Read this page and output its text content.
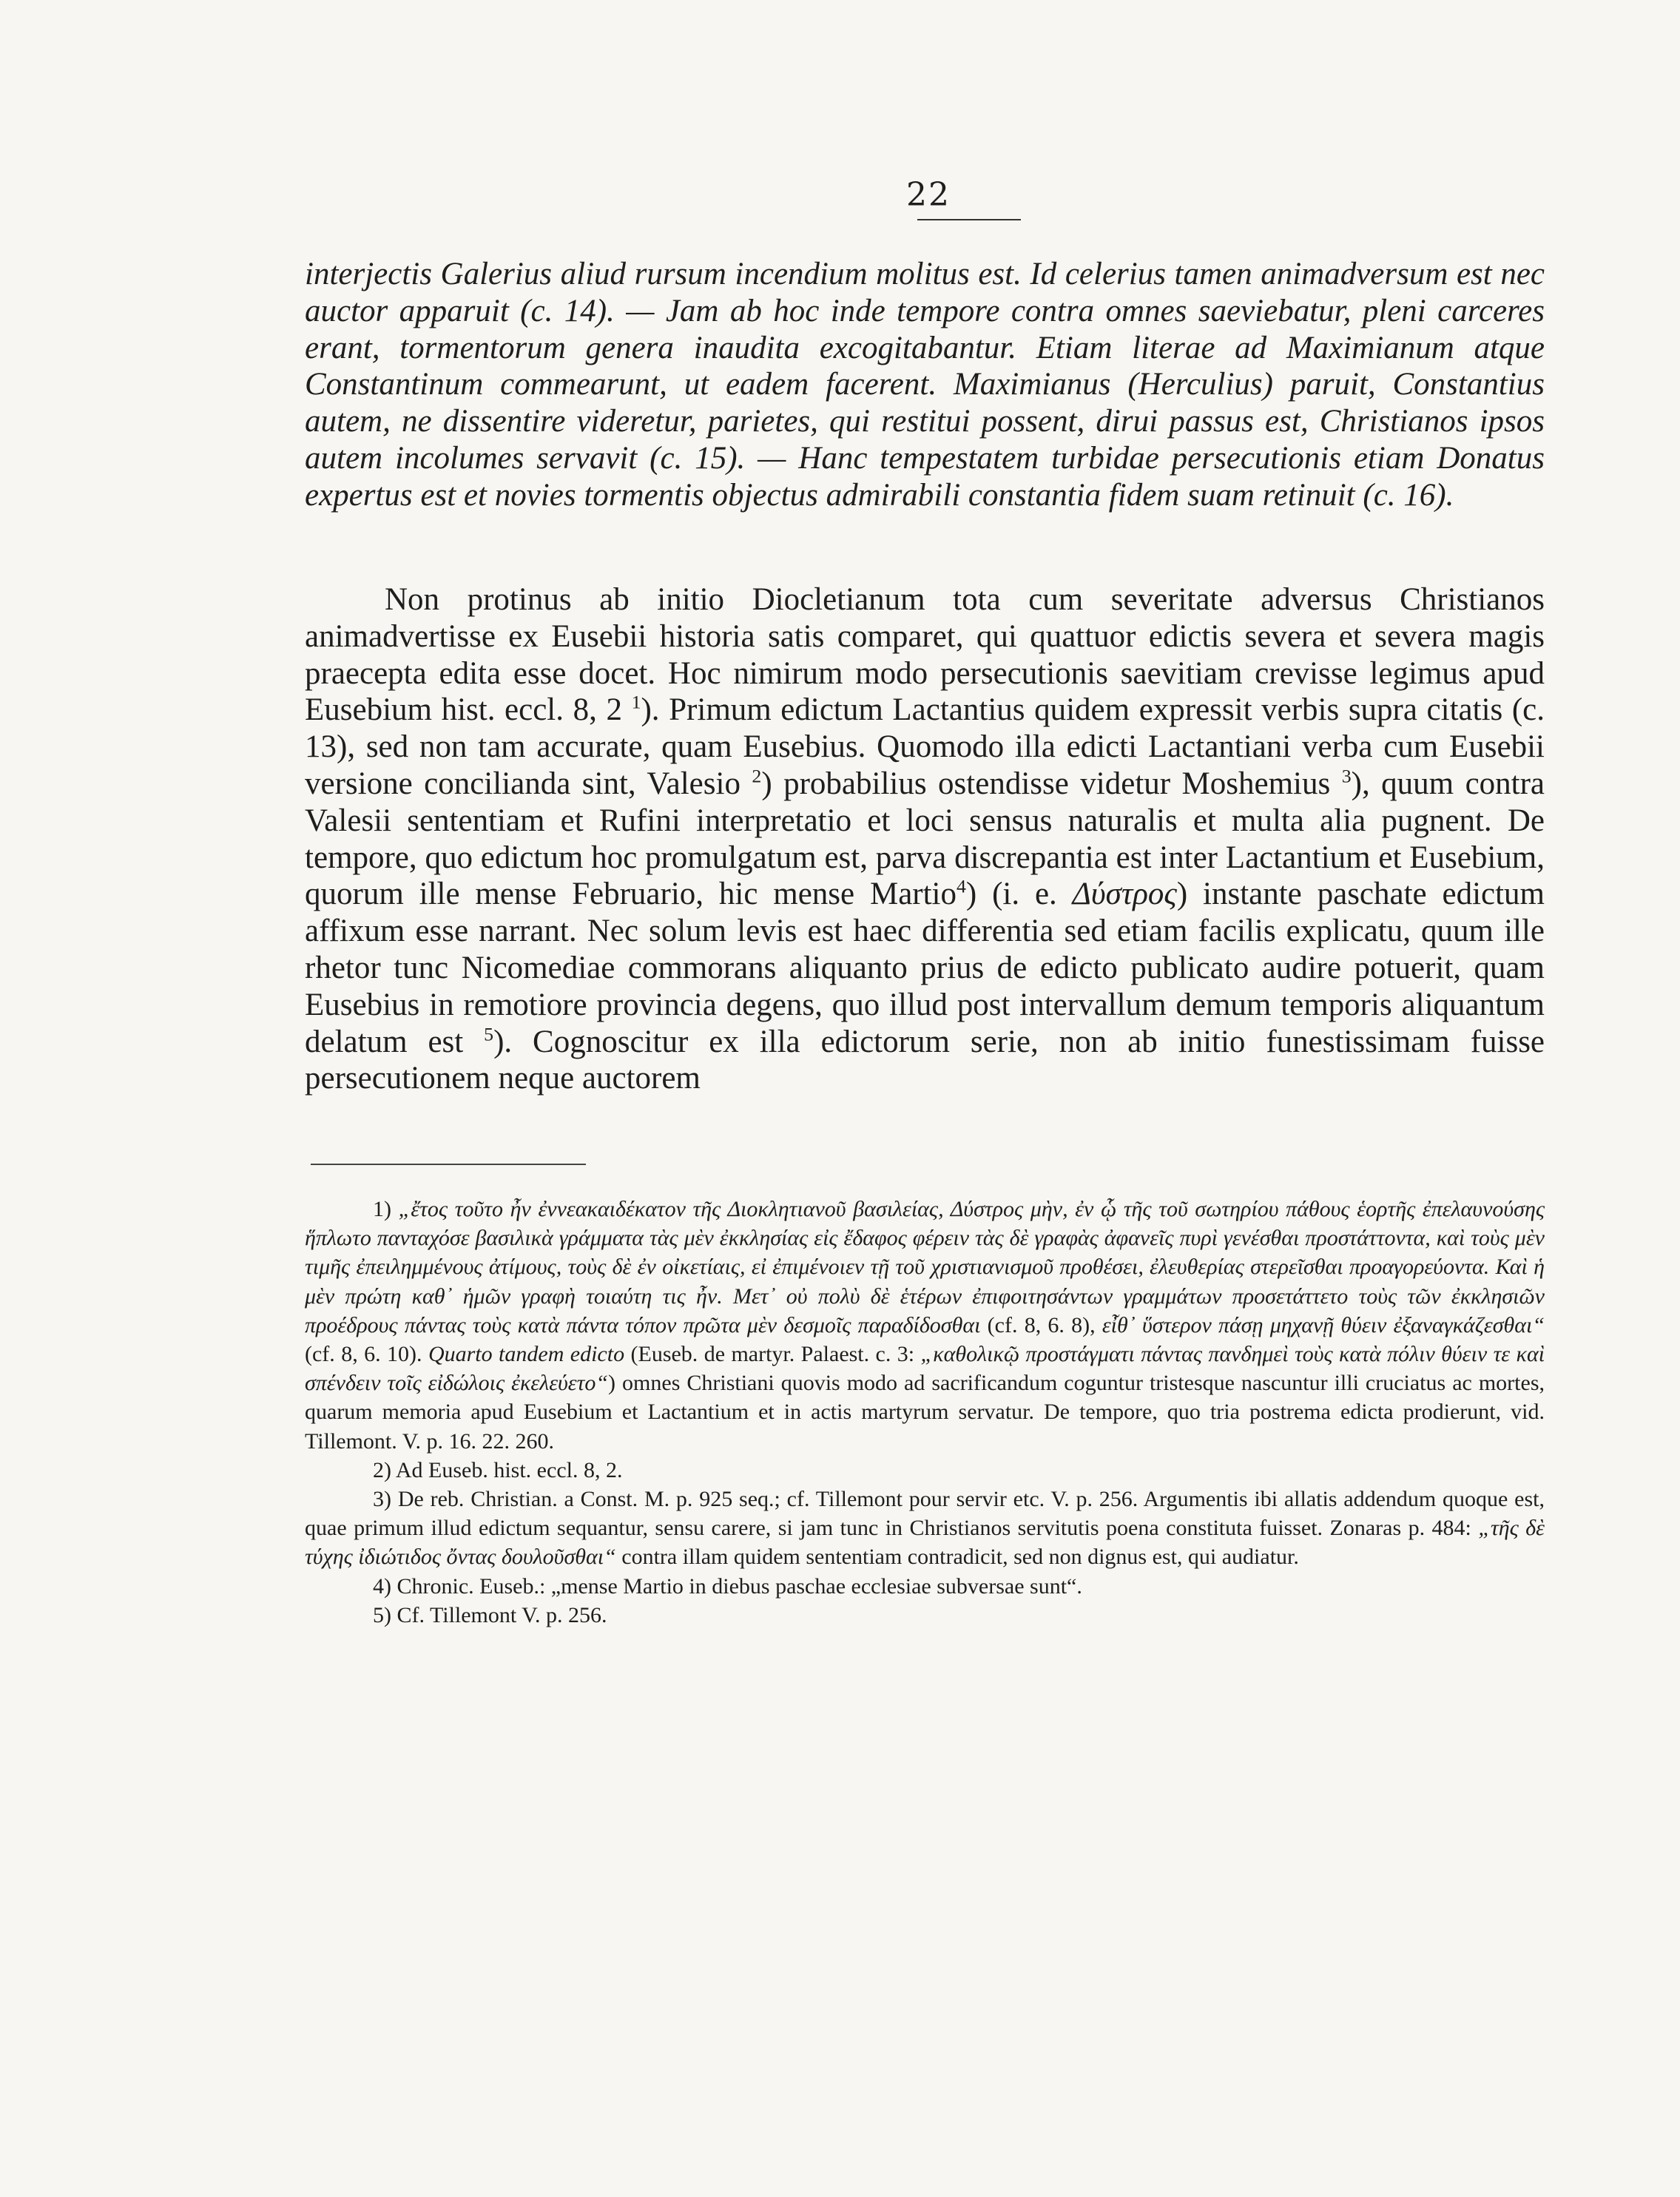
22

interjectis Galerius aliud rursum incendium molitus est. Id celerius tamen animadversum est nec auctor apparuit (c. 14). — Jam ab hoc inde tempore contra omnes saeviebatur, pleni carceres erant, tormentorum genera inaudita excogitabantur. Etiam literae ad Maximianum atque Constantinum commearunt, ut eadem facerent. Maximianus (Herculius) paruit, Constantius autem, ne dissentire videretur, parietes, qui restitui possent, dirui passus est, Christianos ipsos autem incolumes servavit (c. 15). — Hanc tempestatem turbidae persecutionis etiam Donatus expertus est et novies tormentis objectus admirabili constantia fidem suam retinuit (c. 16).

Non protinus ab initio Diocletianum tota cum severitate adversus Christianos animadvertisse ex Eusebii historia satis comparet, qui quattuor edictis severa et severa magis praecepta edita esse docet. Hoc nimirum modo persecutionis saevitiam crevisse legimus apud Eusebium hist. eccl. 8, 2 $^1$). Primum edictum Lactantius quidem expressit verbis supra citatis (c. 13), sed non tam accurate, quam Eusebius. Quomodo illa edicti Lactantiani verba cum Eusebii versione concilianda sint, Valesio $^2$) probabilius ostendisse videtur Moshemius $^3$), quum contra Valesii sententiam et Rufini interpretatio et loci sensus naturalis et multa alia pugnent. De tempore, quo edictum hoc promulgatum est, parva discrepantia est inter Lactantium et Eusebium, quorum ille mense Februario, hic mense Martio$^4$) (i. e. Δύστρος) instante paschate edictum affixum esse narrant. Nec solum levis est haec differentia sed etiam facilis explicatu, quum ille rhetor tunc Nicomediae commorans aliquanto prius de edicto publicato audire potuerit, quam Eusebius in remotiore provincia degens, quo illud post intervallum demum temporis aliquantum delatum est $^5$). Cognoscitur ex illa edictorum serie, non ab initio funestissimam fuisse persecutionem neque auctorem

1) „ἔτος τοῦτο ἦν ἐννεακαιδέκατον τῆς Διοκλητιανοῦ βασιλείας, Δύστρος μὴν, ἐν ᾧ τῆς τοῦ σωτηρίου πάθους ἑορτῆς ἐπελαυνούσης ἥπλωτο πανταχόσε βασιλικὰ γράμματα τὰς μὲν ἐκκλησίας εἰς ἔδαφος φέρειν τὰς δὲ γραφὰς ἀφανεῖς πυρὶ γενέσθαι προστάττοντα, καὶ τοὺς μὲν τιμῆς ἐπειλημμένους ἀτίμους, τοὺς δὲ ἐν οἰκετίαις, εἰ ἐπιμένοιεν τῇ τοῦ χριστιανισμοῦ προθέσει, ἐλευθερίας στερεῖσθαι προαγορεύοντα. Καὶ ἡ μὲν πρώτη καθ᾽ ἡμῶν γραφὴ τοιαύτη τις ἦν. Μετ᾽ οὐ πολὺ δὲ ἑτέρων ἐπιφοιτησάντων γραμμάτων προσετάττετο τοὺς τῶν ἐκκλησιῶν προέδρους πάντας τοὺς κατὰ πάντα τόπον πρῶτα μὲν δεσμοῖς παραδίδοσθαι (cf. 8, 6. 8), εἶθ᾽ ὕστερον πάσῃ μηχανῇ θύειν ἐξαναγκάζεσθαι“ (cf. 8, 6. 10). Quarto tandem edicto (Euseb. de martyr. Palaest. c. 3: „καθολικῷ προστάγματι πάντας πανδημεὶ τοὺς κατὰ πόλιν θύειν τε καὶ σπένδειν τοῖς εἰδώλοις ἐκελεύετο“) omnes Christiani quovis modo ad sacrificandum coguntur tristesque nascuntur illi cruciatus ac mortes, quarum memoria apud Eusebium et Lactantium et in actis martyrum servatur. De tempore, quo tria postrema edicta prodierunt, vid. Tillemont. V. p. 16. 22. 260.

2) Ad Euseb. hist. eccl. 8, 2.

3) De reb. Christian. a Const. M. p. 925 seq.; cf. Tillemont pour servir etc. V. p. 256. Argumentis ibi allatis addendum quoque est, quae primum illud edictum sequantur, sensu carere, si jam tunc in Christianos servitutis poena constituta fuisset. Zonaras p. 484: „τῆς δὲ τύχης ἰδιώτιδος ὄντας δουλοῦσθαι“ contra illam quidem sententiam contradicit, sed non dignus est, qui audiatur.

4) Chronic. Euseb.: „mense Martio in diebus paschae ecclesiae subversae sunt“.

5) Cf. Tillemont V. p. 256.
